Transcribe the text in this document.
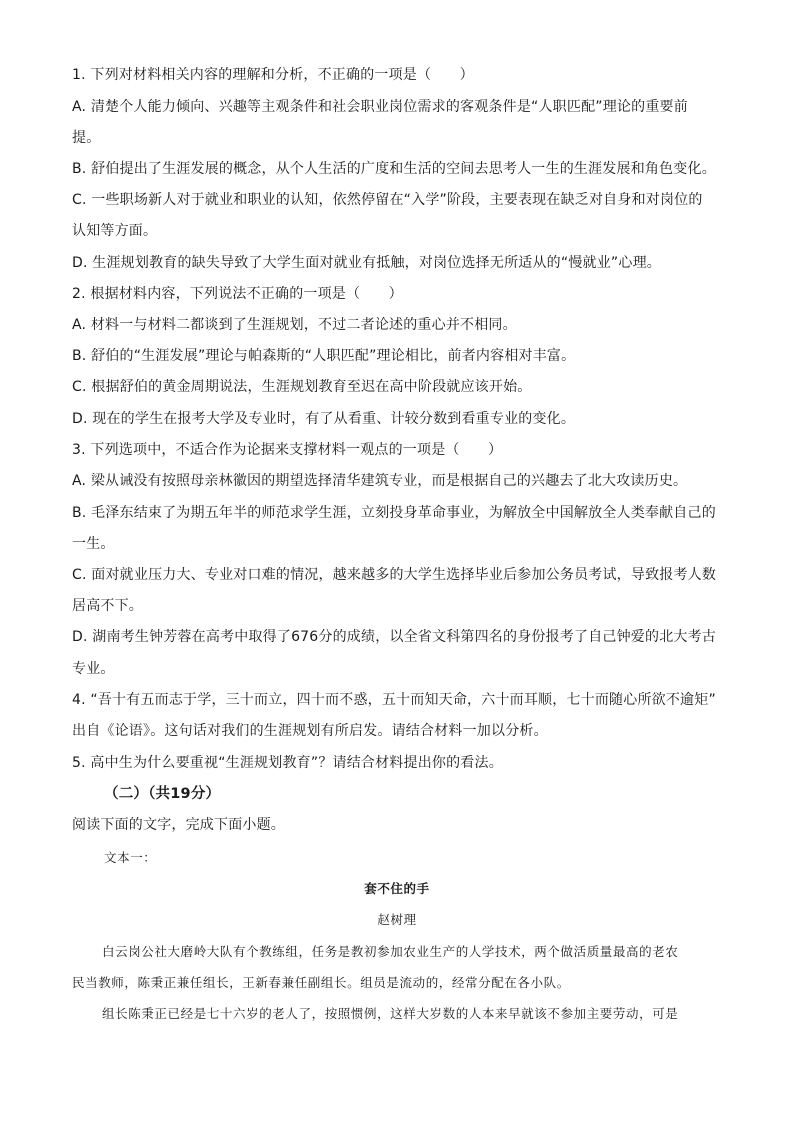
1. 下列对材料相关内容的理解和分析，不正确的一项是（　　）
A. 清楚个人能力倾向、兴趣等主观条件和社会职业岗位需求的客观条件是“人职匹配”理论的重要前
提。
B. 舒伯提出了生涯发展的概念，从个人生活的广度和生活的空间去思考人一生的生涯发展和角色变化。
C. 一些职场新人对于就业和职业的认知，依然停留在“入学”阶段，主要表现在缺乏对自身和对岗位的
认知等方面。
D. 生涯规划教育的缺失导致了大学生面对就业有抵触，对岗位选择无所适从的“慢就业”心理。
2. 根据材料内容，下列说法不正确的一项是（　　）
A. 材料一与材料二都谈到了生涯规划，不过二者论述的重心并不相同。
B. 舒伯的“生涯发展”理论与帕森斯的“人职匹配”理论相比，前者内容相对丰富。
C. 根据舒伯的黄金周期说法，生涯规划教育至迟在高中阶段就应该开始。
D. 现在的学生在报考大学及专业时，有了从看重、计较分数到看重专业的变化。
3. 下列选项中，不适合作为论据来支撑材料一观点的一项是（　　）
A. 梁从诫没有按照母亲林徽因的期望选择清华建筑专业，而是根据自己的兴趣去了北大攻读历史。
B. 毛泽东结束了为期五年半的师范求学生涯，立刻投身革命事业，为解放全中国解放全人类奉献自己的
一生。
C. 面对就业压力大、专业对口难的情况，越来越多的大学生选择毕业后参加公务员考试，导致报考人数
居高不下。
D. 湖南考生钟芳蓉在高考中取得了676分的成绩，以全省文科第四名的身份报考了自己钟爱的北大考古
专业。
4. “吾十有五而志于学，三十而立，四十而不惑，五十而知天命，六十而耳顺，七十而随心所欲不逾矩”
出自《论语》。这句话对我们的生涯规划有所启发。请结合材料一加以分析。
5. 高中生为什么要重视“生涯规划教育”？请结合材料提出你的看法。
（二）（共19分）
阅读下面的文字，完成下面小题。
文本一：
套不住的手
赵树理
白云岗公社大磨岭大队有个教练组，任务是教初参加农业生产的人学技术，两个做活质量最高的老农
民当教师，陈秉正兼任组长，王新春兼任副组长。组员是流动的，经常分配在各小队。
组长陈秉正已经是七十六岁的老人了，按照惯例，这样大岁数的人本来早就该不参加主要劳动，可是
